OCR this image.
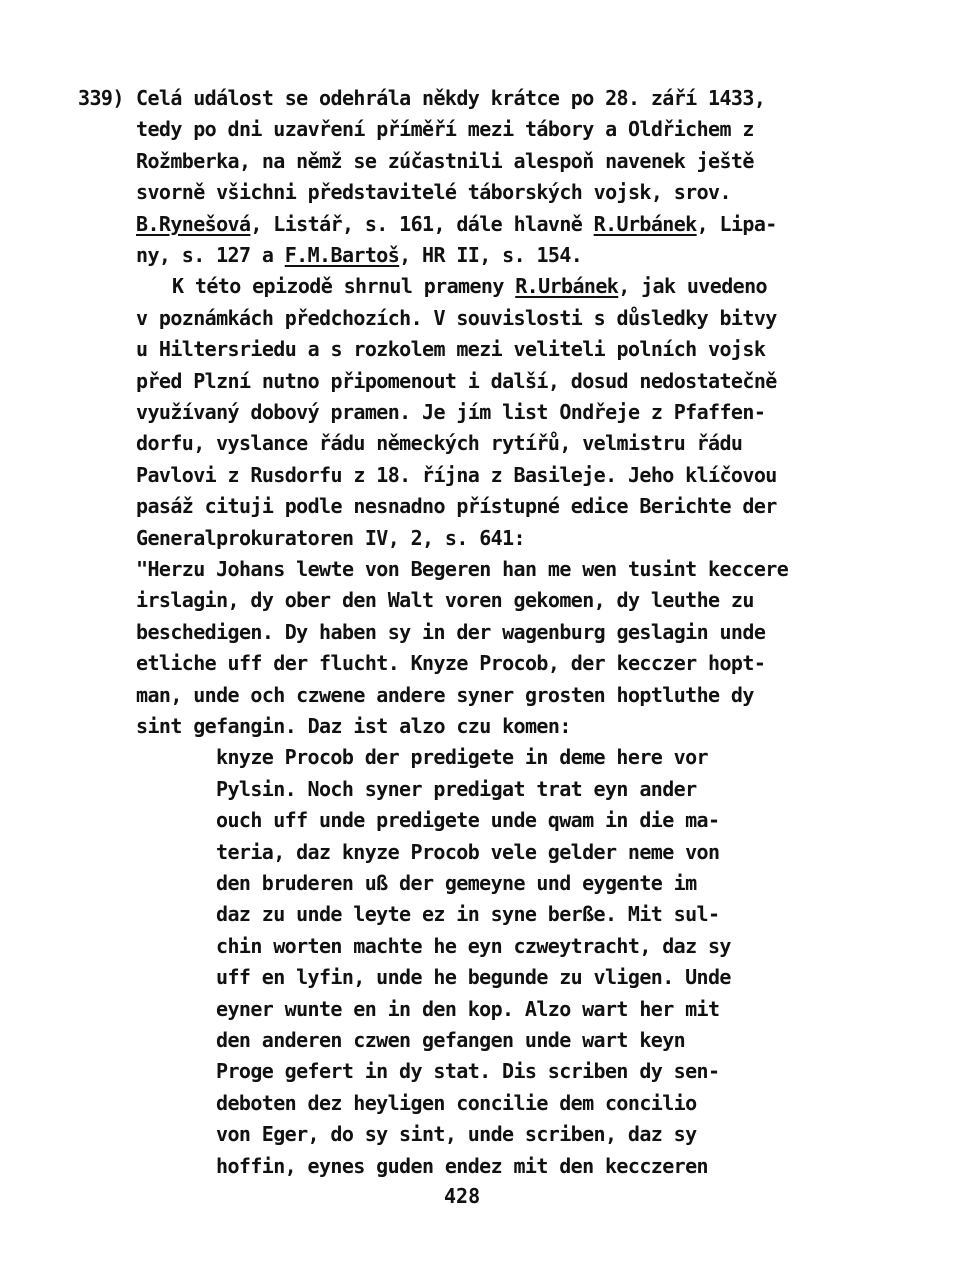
339) Celá událost se odehrála někdy krátce po 28. září 1433,
tedy po dni uzavření příměří mezi tábory a Oldřichem z
Rožmberka, na němž se zúčastnili alespoň navenek ještě
svorně všichni představitelé táborských vojsk, srov.
B.Rynešová, Listář, s. 161, dále hlavně R.Urbánek, Lipa-
ny, s. 127 a F.M.Bartoš, HR II, s. 154.
K této epizodě shrnul prameny R.Urbánek, jak uvedeno
v poznámkách předchozích. V souvislosti s důsledky bitvy
u Hiltersriedu a s rozkolem mezi veliteli polních vojsk
před Plzní nutno připomenout i další, dosud nedostatečně
využívaný dobový pramen. Je jím list Ondřeje z Pfaffen-
dorfu, vyslance řádu německých rytířů, velmistru řádu
Pavlovi z Rusdorfu z 18. října z Basileje. Jeho klíčovou
pasáž cituji podle nesnadno přístupné edice Berichte der
Generalprokuratoren IV, 2, s. 641:
"Herzu Johans lewte von Begeren han me wen tusint keccere
irslagin, dy ober den Walt voren gekomen, dy leuthe zu
beschedigen. Dy haben sy in der wagenburg geslagin unde
etliche uff der flucht. Knyze Procob, der kecczer hopt-
man, unde och czwene andere syner grosten hoptluthe dy
sint gefangin. Daz ist alzo czu komen:
knyze Procob der predigete in deme here vor
Pylsin. Noch syner predigat trat eyn ander
ouch uff unde predigete unde qwam in die ma-
teria, daz knyze Procob vele gelder neme von
den bruderen uß der gemeyne und eygente im
daz zu unde leyte ez in syne berße. Mit sul-
chin worten machte he eyn czweytracht, daz sy
uff en lyfin, unde he begunde zu vligen. Unde
eyner wunte en in den kop. Alzo wart her mit
den anderen czwen gefangen unde wart keyn
Proge gefert in dy stat. Dis scriben dy sen-
deboten dez heyligen concilie dem concilio
von Eger, do sy sint, unde scriben, daz sy
hoffin, eynes guden endez mit den kecczeren
428
